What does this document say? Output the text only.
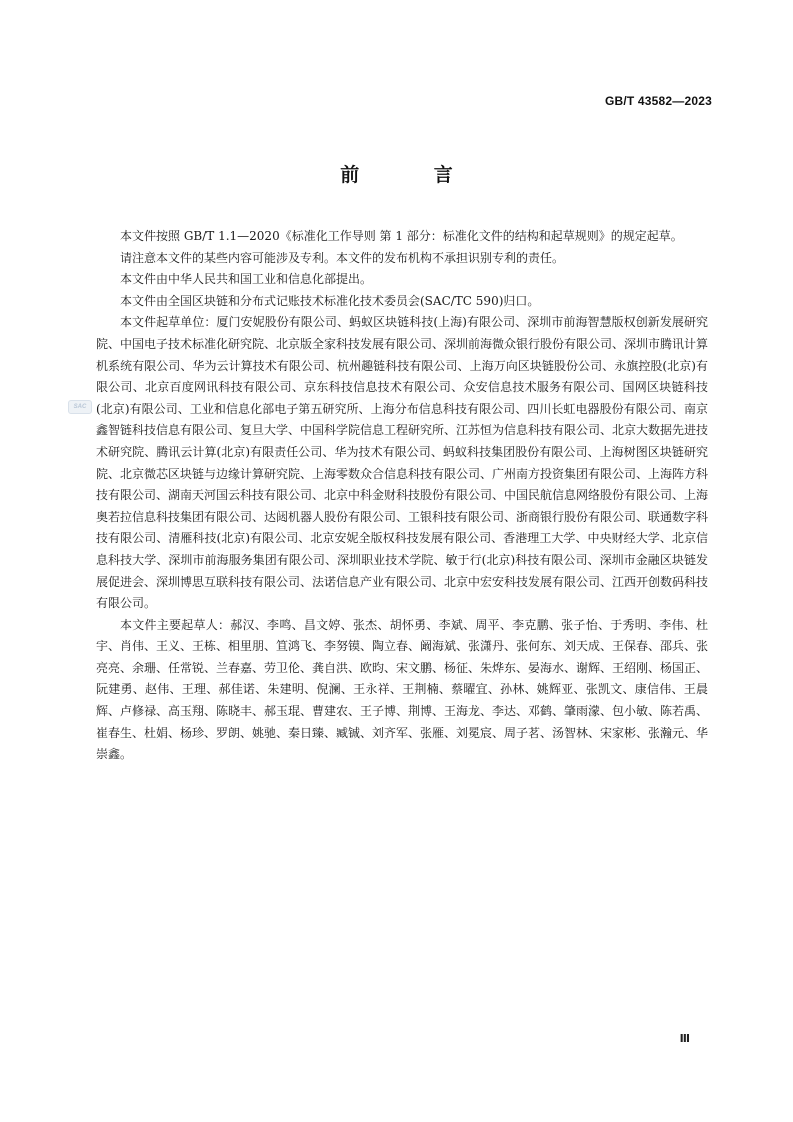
GB/T 43582—2023
SAC
前 言

本文件按照 GB/T 1.1—2020《标准化工作导则 第 1 部分：标准化文件的结构和起草规则》的规定起草。

请注意本文件的某些内容可能涉及专利。本文件的发布机构不承担识别专利的责任。

本文件由中华人民共和国工业和信息化部提出。

本文件由全国区块链和分布式记账技术标准化技术委员会(SAC/TC 590)归口。

本文件起草单位：厦门安妮股份有限公司、蚂蚁区块链科技(上海)有限公司、深圳市前海智慧版权创新发展研究院、中国电子技术标准化研究院、北京版全家科技发展有限公司、深圳前海微众银行股份有限公司、深圳市腾讯计算机系统有限公司、华为云计算技术有限公司、杭州趣链科技有限公司、上海万向区块链股份公司、永旗控股(北京)有限公司、北京百度网讯科技有限公司、京东科技信息技术有限公司、众安信息技术服务有限公司、国网区块链科技(北京)有限公司、工业和信息化部电子第五研究所、上海分布信息科技有限公司、四川长虹电器股份有限公司、南京鑫智链科技信息有限公司、复旦大学、中国科学院信息工程研究所、江苏恒为信息科技有限公司、北京大数据先进技术研究院、腾讯云计算(北京)有限责任公司、华为技术有限公司、蚂蚁科技集团股份有限公司、上海树图区块链研究院、北京微芯区块链与边缘计算研究院、上海零数众合信息科技有限公司、广州南方投资集团有限公司、上海阵方科技有限公司、湖南天河国云科技有限公司、北京中科金财科技股份有限公司、中国民航信息网络股份有限公司、上海奥若拉信息科技集团有限公司、达闼机器人股份有限公司、工银科技有限公司、浙商银行股份有限公司、联通数字科技有限公司、清雁科技(北京)有限公司、北京安妮全版权科技发展有限公司、香港理工大学、中央财经大学、北京信息科技大学、深圳市前海服务集团有限公司、深圳职业技术学院、敏于行(北京)科技有限公司、深圳市金融区块链发展促进会、深圳博思互联科技有限公司、法诺信息产业有限公司、北京中宏安科技发展有限公司、江西开创数码科技有限公司。

本文件主要起草人：郝汉、李鸣、昌文婷、张杰、胡怀勇、李斌、周平、李克鹏、张子怡、于秀明、李伟、杜宇、肖伟、王义、王栋、相里朋、笪鸿飞、李努镆、陶立春、阚海斌、张潇丹、张何东、刘天成、王保春、邵兵、张亮亮、余珊、任常锐、兰春嘉、劳卫伦、龚自洪、欧昀、宋文鹏、杨征、朱烨东、晏海水、谢辉、王绍刚、杨国正、阮建勇、赵伟、王理、郝佳诺、朱建明、倪澜、王永祥、王荆楠、蔡曜宜、孙林、姚辉亚、张凯文、康信伟、王晨辉、卢修禄、高玉翔、陈晓丰、郝玉琨、曹建农、王子博、荆博、王海龙、李达、邓鹤、肇雨濛、包小敏、陈若禹、崔春生、杜娟、杨珍、罗朗、姚驰、秦日臻、臧铖、刘齐军、张雁、刘冕宸、周子茗、汤智林、宋家彬、张瀚元、华崇鑫。

Ⅲ
